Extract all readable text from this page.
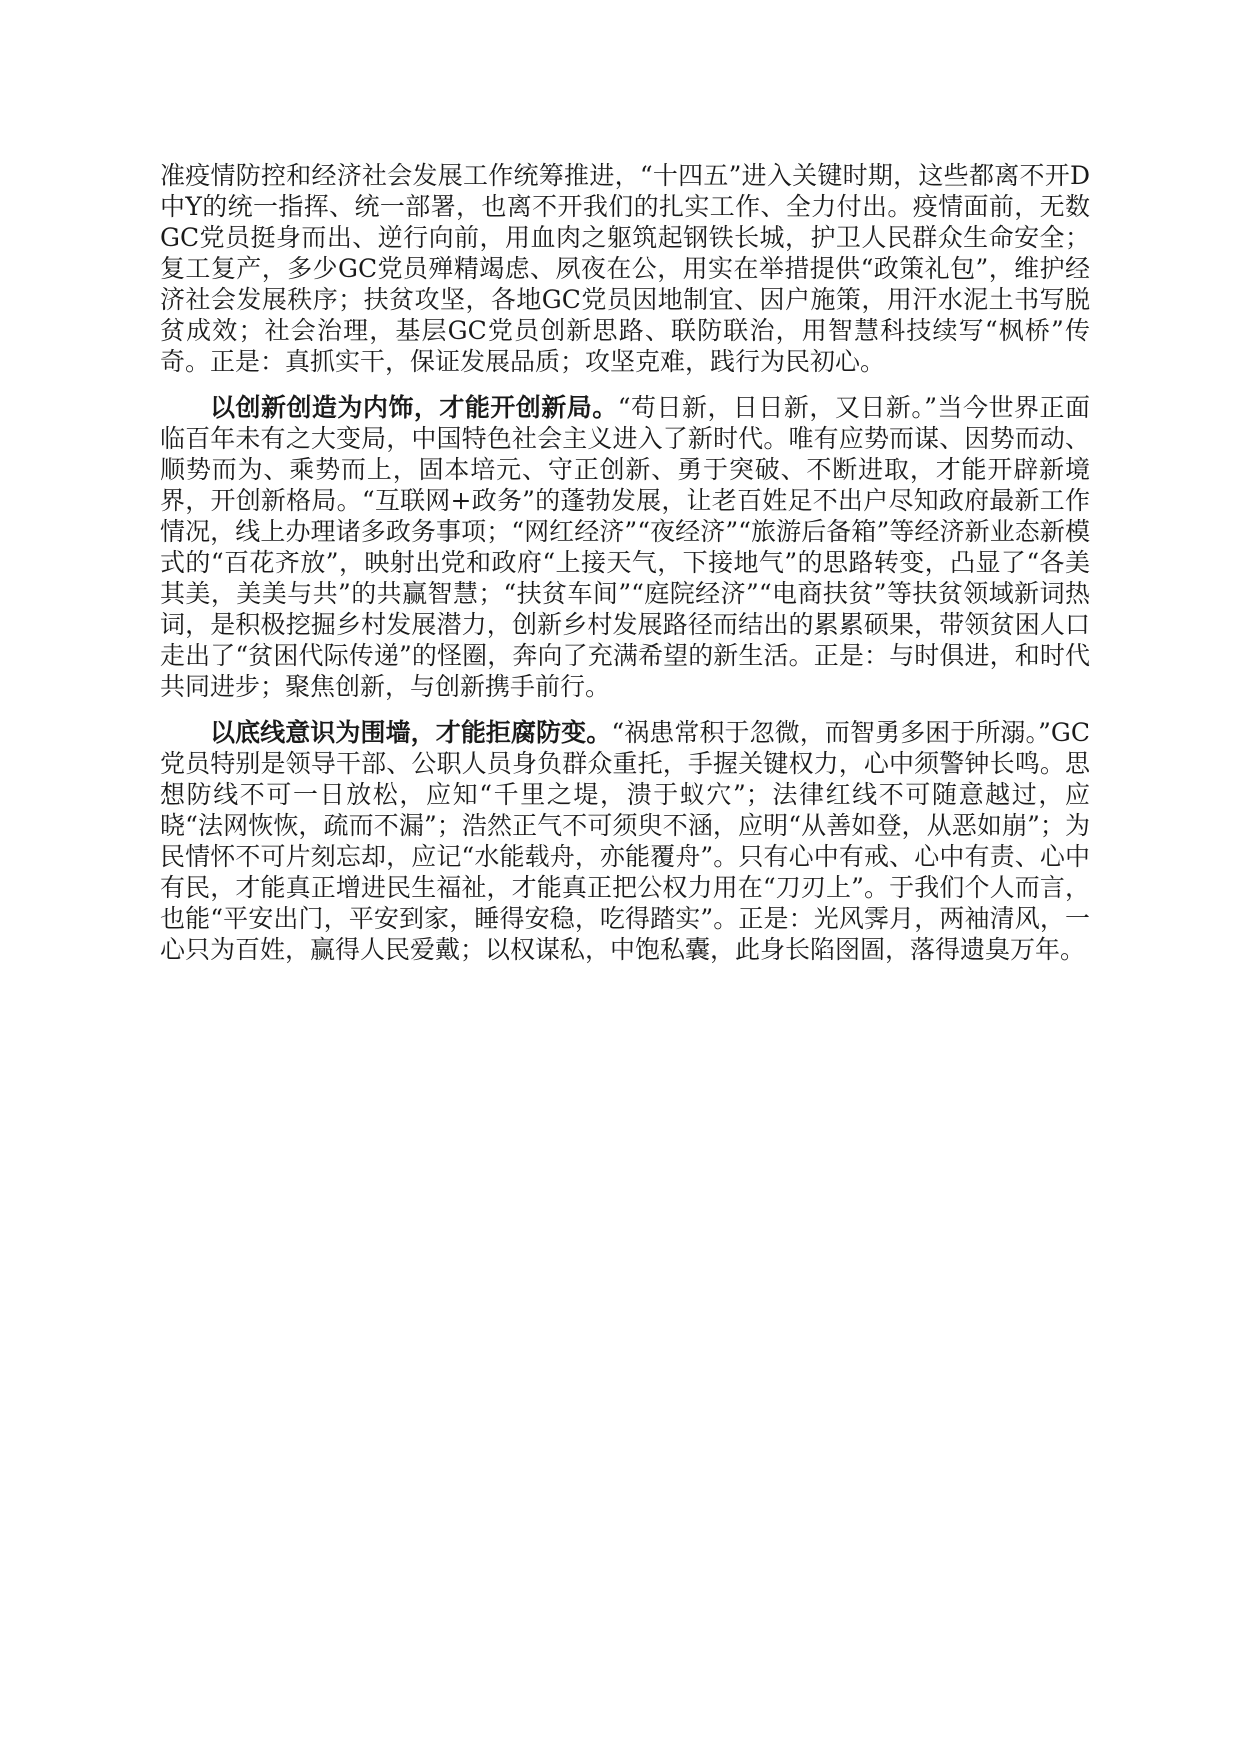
准疫情防控和经济社会发展工作统筹推进，“十四五”进入关键时期，这些都离不开D中Y的统一指挥、统一部署，也离不开我们的扎实工作、全力付出。疫情面前，无数GC党员挺身而出、逆行向前，用血肉之躯筑起钢铁长城，护卫人民群众生命安全；复工复产，多少GC党员殚精竭虑、夙夜在公，用实在举措提供“政策礼包”，维护经济社会发展秩序；扶贫攻坚，各地GC党员因地制宜、因户施策，用汗水泥土书写脱贫成效；社会治理，基层GC党员创新思路、联防联治，用智慧科技续写“枫桥”传奇。正是：真抓实干，保证发展品质；攻坚克难，践行为民初心。

以创新创造为内饰，才能开创新局。“苟日新，日日新，又日新。”当今世界正面临百年未有之大变局，中国特色社会主义进入了新时代。唯有应势而谋、因势而动、顺势而为、乘势而上，固本培元、守正创新、勇于突破、不断进取，才能开辟新境界，开创新格局。“互联网+政务”的蓬勃发展，让老百姓足不出户尽知政府最新工作情况，线上办理诸多政务事项；“网红经济”“夜经济”“旅游后备箱”等经济新业态新模式的“百花齐放”，映射出党和政府“上接天气，下接地气”的思路转变，凸显了“各美其美，美美与共”的共赢智慧；“扶贫车间”“庭院经济”“电商扶贫”等扶贫领域新词热词，是积极挖掘乡村发展潜力，创新乡村发展路径而结出的累累硕果，带领贫困人口走出了“贫困代际传递”的怪圈，奔向了充满希望的新生活。正是：与时俱进，和时代共同进步；聚焦创新，与创新携手前行。

以底线意识为围墙，才能拒腐防变。“祸患常积于忽微，而智勇多困于所溺。”GC党员特别是领导干部、公职人员身负群众重托，手握关键权力，心中须警钟长鸣。思想防线不可一日放松，应知“千里之堤，溃于蚁穴”；法律红线不可随意越过，应晓“法网恢恢，疏而不漏”；浩然正气不可须臾不涵，应明“从善如登，从恶如崩”；为民情怀不可片刻忘却，应记“水能载舟，亦能覆舟”。只有心中有戒、心中有责、心中有民，才能真正增进民生福祉，才能真正把公权力用在“刀刃上”。于我们个人而言，也能“平安出门，平安到家，睡得安稳，吃得踏实”。正是：光风霁月，两袖清风，一心只为百姓，赢得人民爱戴；以权谋私，中饱私囊，此身长陷囹圄，落得遗臭万年。
